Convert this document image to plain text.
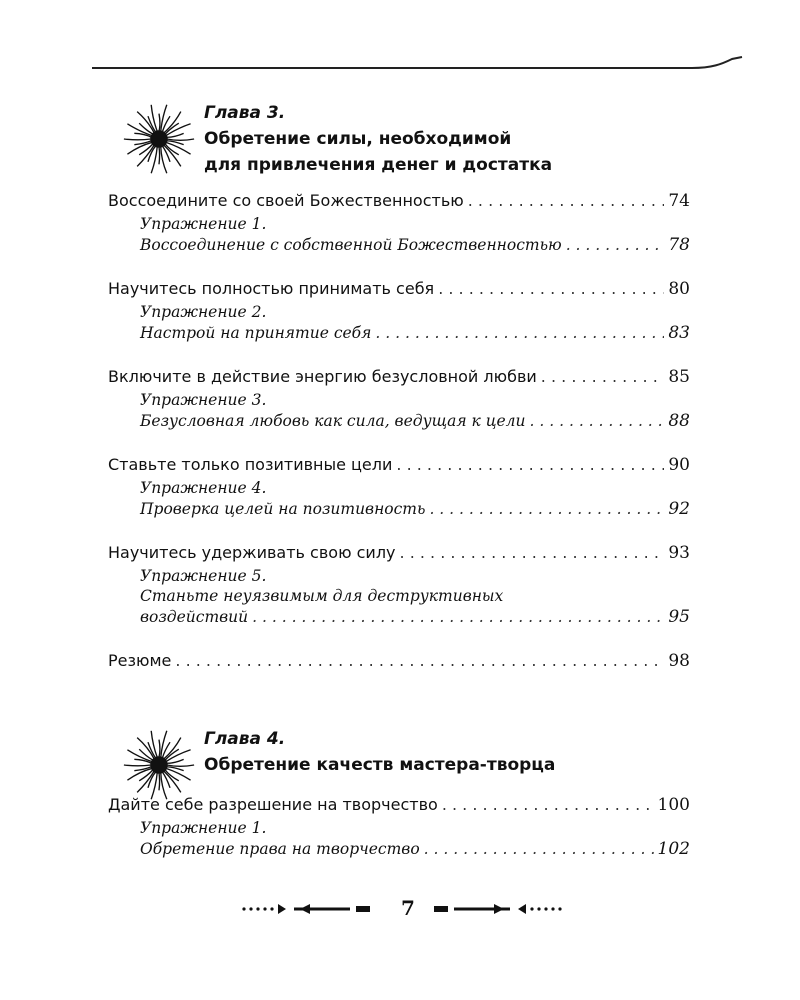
Глава 3.
Обретение силы, необходимой
для привлечения денег и достатка
Воссоедините со своей Божественностью . . .	74
Упражнение 1.
Воссоединение с собственной Божественностью . . .	78
Научитесь полностью принимать себя . . .	80
Упражнение 2.
Настрой на принятие себя . . .	83
Включите в действие энергию безусловной любви . . .	85
Упражнение 3.
Безусловная любовь как сила, ведущая к цели . . .	88
Ставьте только позитивные цели . . .	90
Упражнение 4.
Проверка целей на позитивность . . .	92
Научитесь удерживать свою силу . . .	93
Упражнение 5.
Станьте неуязвимым для деструктивных
воздействий . . .	95
Резюме . . .	98
Глава 4.
Обретение качеств мастера-творца
Дайте себе разрешение на творчество . . .	100
Упражнение 1.
Обретение права на творчество . . .	102
7
